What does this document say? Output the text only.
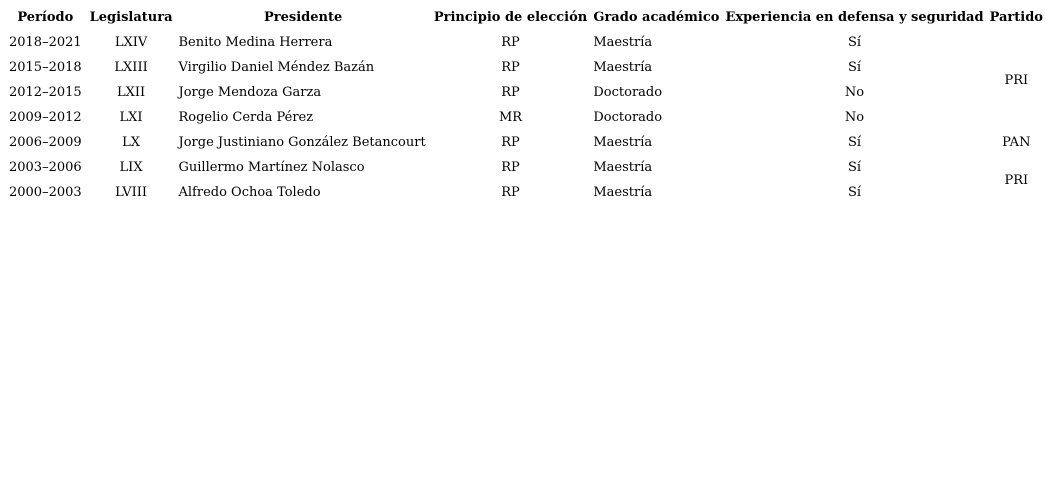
Período	Legislatura	Presidente	Principio de elección	Grado académico	Experiencia en defensa y seguridad	Partido
2018–2021	LXIV	Benito Medina Herrera	RP	Maestría	Sí	PRI
2015–2018	LXIII	Virgilio Daniel Méndez Bazán	RP	Maestría	Sí	
2012–2015	LXII	Jorge Mendoza Garza	RP	Doctorado	No	
2009–2012	LXI	Rogelio Cerda Pérez	MR	Doctorado	No	
2006–2009	LX	Jorge Justiniano González Betancourt	RP	Maestría	Sí	PAN
2003–2006	LIX	Guillermo Martínez Nolasco	RP	Maestría	Sí	PRI
2000–2003	LVIII	Alfredo Ochoa Toledo	RP	Maestría	Sí	
